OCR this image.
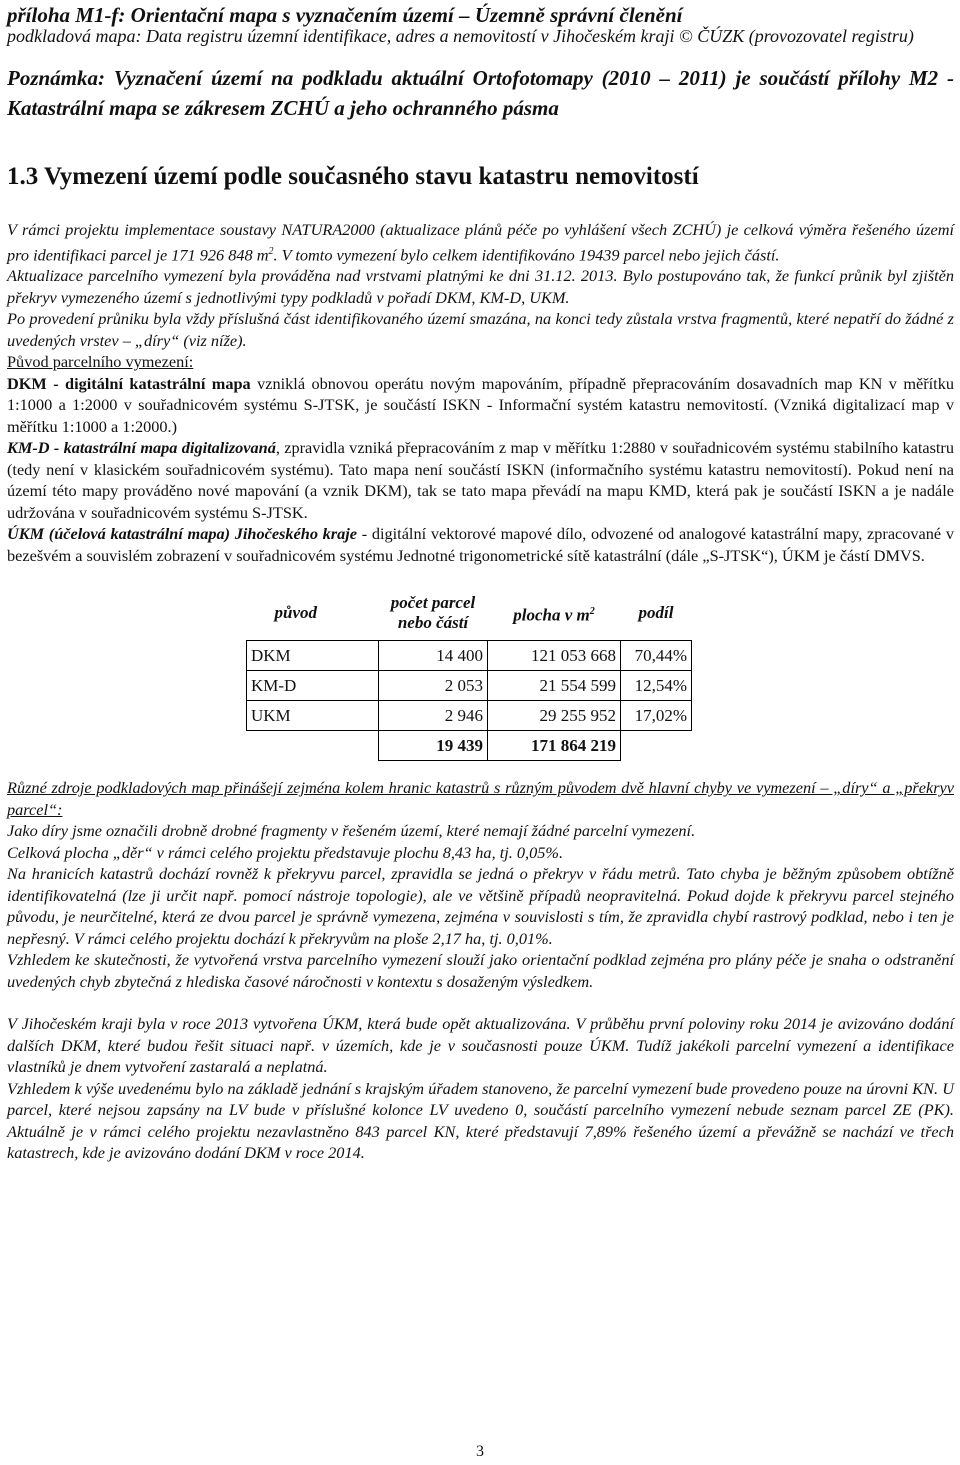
příloha M1-f: Orientační mapa s vyznačením území – Územně správní členění
podkladová mapa: Data registru územní identifikace, adres a nemovitostí v Jihočeském kraji © ČÚZK (provozovatel registru)
Poznámka: Vyznačení území na podkladu aktuální Ortofotomapy (2010 – 2011) je součástí přílohy M2 - Katastrální mapa se zákresem ZCHÚ a jeho ochranného pásma
1.3 Vymezení území podle současného stavu katastru nemovitostí

V rámci projektu implementace soustavy NATURA2000 (aktualizace plánů péče po vyhlášení všech ZCHÚ) je celková výměra řešeného území pro identifikaci parcel je 171 926 848 $m^2$. V tomto vymezení bylo celkem identifikováno 19439 parcel nebo jejich částí.

Aktualizace parcelního vymezení byla prováděna nad vrstvami platnými ke dni 31.12. 2013. Bylo postupováno tak, že funkcí průnik byl zjištěn překryv vymezeného území s jednotlivými typy podkladů v pořadí DKM, KM-D, UKM.

Po provedení průniku byla vždy příslušná část identifikovaného území smazána, na konci tedy zůstala vrstva fragmentů, které nepatří do žádné z uvedených vrstev – „díry“ (viz níže).

Původ parcelního vymezení:

DKM - digitální katastrální mapa vzniklá obnovou operátu novým mapováním, případně přepracováním dosavadních map KN v měřítku 1:1000 a 1:2000 v souřadnicovém systému S-JTSK, je součástí ISKN - Informační systém katastru nemovitostí. (Vzniká digitalizací map v měřítku 1:1000 a 1:2000.)

KM-D - katastrální mapa digitalizovaná, zpravidla vzniká přepracováním z map v měřítku 1:2880 v souřadnicovém systému stabilního katastru (tedy není v klasickém souřadnicovém systému). Tato mapa není součástí ISKN (informačního systému katastru nemovitostí). Pokud není na území této mapy prováděno nové mapování (a vznik DKM), tak se tato mapa převádí na mapu KMD, která pak je součástí ISKN a je nadále udržována v souřadnicovém systému S-JTSK.

ÚKM (účelová katastrální mapa) Jihočeského kraje - digitální vektorové mapové dílo, odvozené od analogové katastrální mapy, zpracované v bezešvém a souvislém zobrazení v souřadnicovém systému Jednotné trigonometrické sítě katastrální (dále „S-JTSK“), ÚKM je částí DMVS.

původ	počet parcel nebo částí	plocha v $m^2$	podíl
DKM	14 400	121 053 668	70,44%
KM-D	2 053	21 554 599	12,54%
UKM	2 946	29 255 952	17,02%
	19 439	171 864 219	

Různé zdroje podkladových map přinášejí zejména kolem hranic katastrů s různým původem dvě hlavní chyby ve vymezení – „díry“ a „překryv parcel“:

Jako díry jsme označili drobně drobné fragmenty v řešeném území, které nemají žádné parcelní vymezení.

Celková plocha „děr“ v rámci celého projektu představuje plochu 8,43 ha, tj. 0,05%.

Na hranicích katastrů dochází rovněž k překryvu parcel, zpravidla se jedná o překryv v řádu metrů. Tato chyba je běžným způsobem obtížně identifikovatelná (lze ji určit např. pomocí nástroje topologie), ale ve většině případů neopravitelná. Pokud dojde k překryvu parcel stejného původu, je neurčitelné, která ze dvou parcel je správně vymezena, zejména v souvislosti s tím, že zpravidla chybí rastrový podklad, nebo i ten je nepřesný. V rámci celého projektu dochází k překryvům na ploše 2,17 ha, tj. 0,01%.

Vzhledem ke skutečnosti, že vytvořená vrstva parcelního vymezení slouží jako orientační podklad zejména pro plány péče je snaha o odstranění uvedených chyb zbytečná z hlediska časové náročnosti v kontextu s dosaženým výsledkem.

V Jihočeském kraji byla v roce 2013 vytvořena ÚKM, která bude opět aktualizována. V průběhu první poloviny roku 2014 je avizováno dodání dalších DKM, které budou řešit situaci např. v územích, kde je v současnosti pouze ÚKM. Tudíž jakékoli parcelní vymezení a identifikace vlastníků je dnem vytvoření zastaralá a neplatná.

Vzhledem k výše uvedenému bylo na základě jednání s krajským úřadem stanoveno, že parcelní vymezení bude provedeno pouze na úrovni KN. U parcel, které nejsou zapsány na LV bude v příslušné kolonce LV uvedeno 0, součástí parcelního vymezení nebude seznam parcel ZE (PK). Aktuálně je v rámci celého projektu nezavlastněno 843 parcel KN, které představují 7,89% řešeného území a převážně se nachází ve třech katastrech, kde je avizováno dodání DKM v roce 2014.

3
